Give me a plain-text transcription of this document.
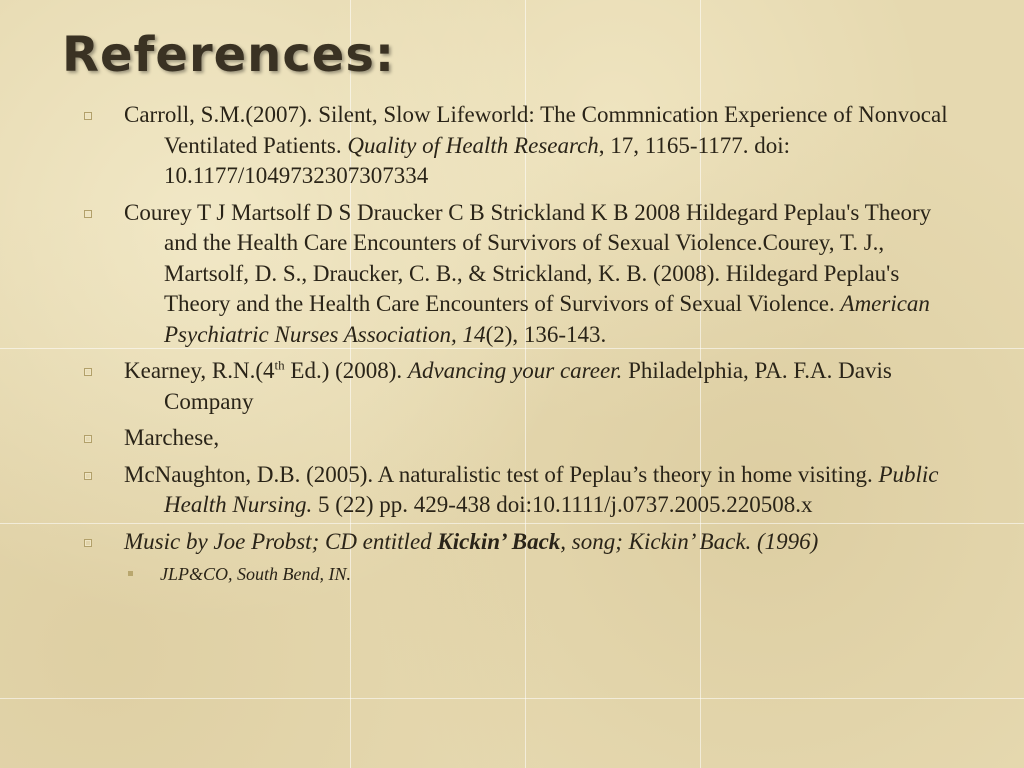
References:
Carroll, S.M.(2007). Silent, Slow Lifeworld: The Commnication Experience of Nonvocal Ventilated Patients. Quality of Health Research, 17, 1165-1177. doi: 10.1177/1049732307307334
Courey T J Martsolf D S Draucker C B Strickland K B 2008 Hildegard Peplau's Theory and the Health Care Encounters of Survivors of Sexual Violence.Courey, T. J., Martsolf, D. S., Draucker, C. B., & Strickland, K. B. (2008). Hildegard Peplau's Theory and the Health Care Encounters of Survivors of Sexual Violence. American Psychiatric Nurses Association, 14(2), 136-143.
Kearney, R.N.(4th Ed.) (2008). Advancing your career. Philadelphia, PA. F.A. Davis Company
Marchese,
McNaughton, D.B. (2005). A naturalistic test of Peplau’s theory in home visiting. Public Health Nursing. 5 (22) pp. 429-438 doi:10.1111/j.0737.2005.220508.x
Music by Joe Probst; CD entitled Kickin’ Back, song; Kickin’ Back. (1996)
JLP&CO, South Bend, IN.
